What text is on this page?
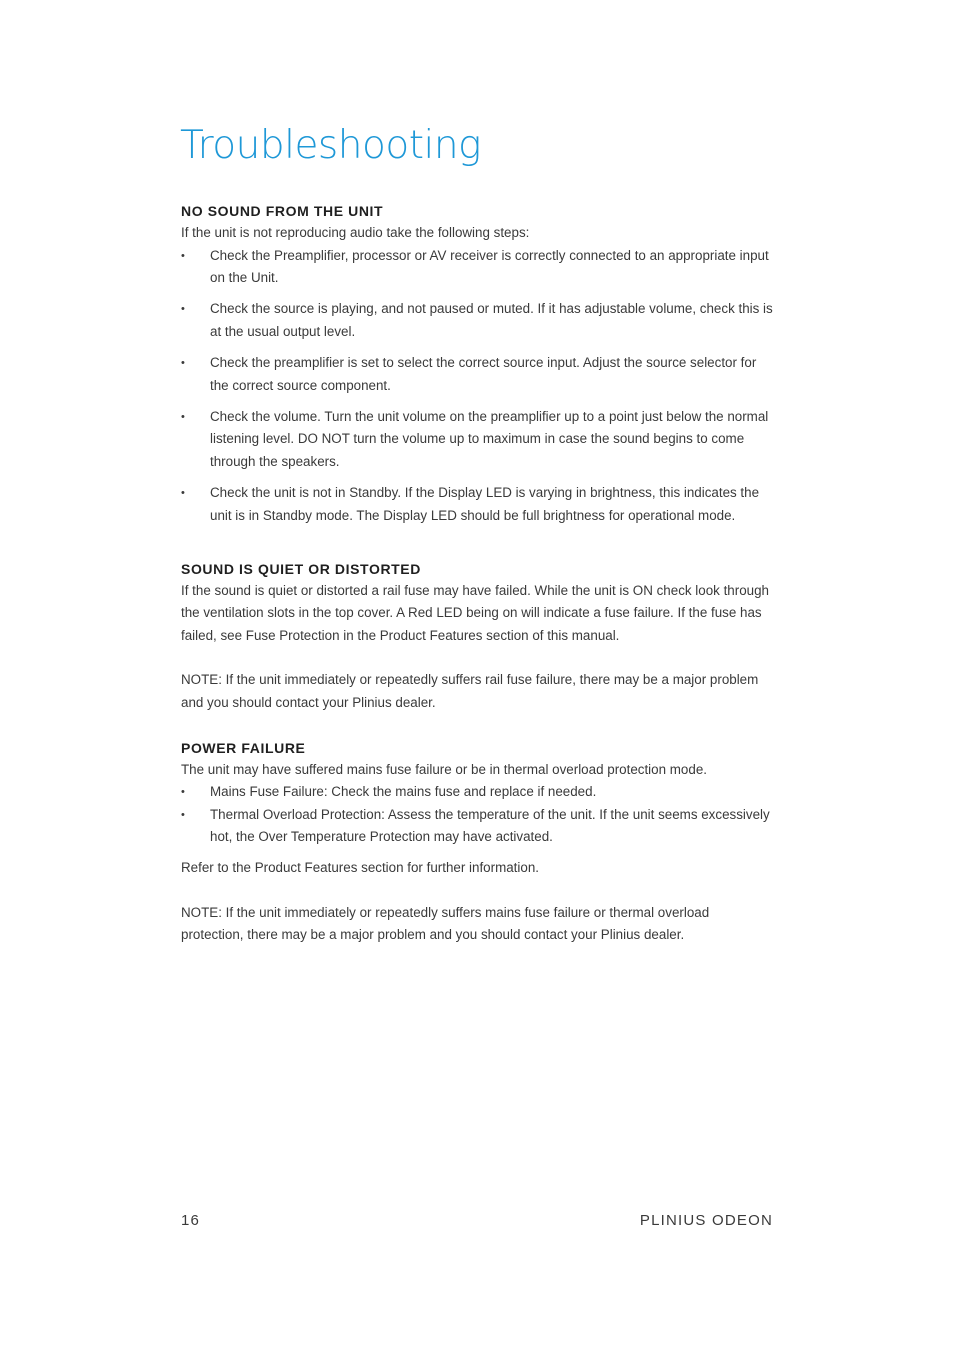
Troubleshooting
NO SOUND FROM THE UNIT

If the unit is not reproducing audio take the following steps:

• Check the Preamplifier, processor or AV receiver is correctly connected to an appropriate input on the Unit.
• Check the source is playing, and not paused or muted. If it has adjustable volume, check this is at the usual output level.
• Check the preamplifier is set to select the correct source input. Adjust the source selector for the correct source component.
• Check the volume. Turn the unit volume on the preamplifier up to a point just below the normal listening level. DO NOT turn the volume up to maximum in case the sound begins to come through the speakers.
• Check the unit is not in Standby. If the Display LED is varying in brightness, this indicates the unit is in Standby mode. The Display LED should be full brightness for operational mode.
SOUND IS QUIET OR DISTORTED

If the sound is quiet or distorted a rail fuse may have failed. While the unit is ON check look through the ventilation slots in the top cover. A Red LED being on will indicate a fuse failure. If the fuse has failed, see Fuse Protection in the Product Features section of this manual.

NOTE: If the unit immediately or repeatedly suffers rail fuse failure, there may be a major problem and you should contact your Plinius dealer.

POWER FAILURE

The unit may have suffered mains fuse failure or be in thermal overload protection mode.

• Mains Fuse Failure: Check the mains fuse and replace if needed.
• Thermal Overload Protection: Assess the temperature of the unit. If the unit seems excessively hot, the Over Temperature Protection may have activated.

Refer to the Product Features section for further information.

NOTE: If the unit immediately or repeatedly suffers mains fuse failure or thermal overload protection, there may be a major problem and you should contact your Plinius dealer.

16	PLINIUS ODEON
